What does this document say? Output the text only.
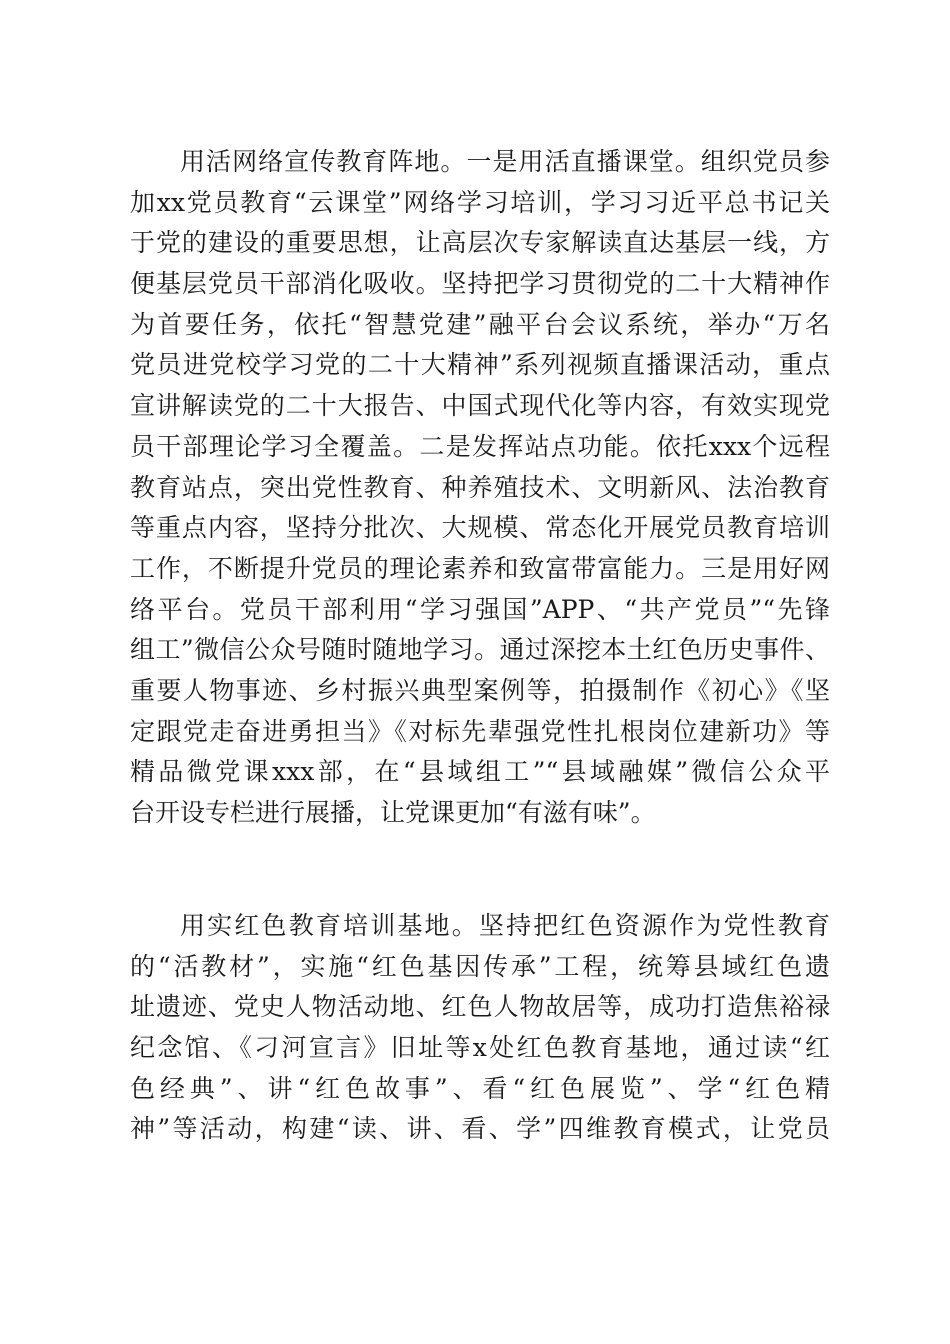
用活网络宣传教育阵地。一是用活直播课堂。组织党员参
加xx党员教育“云课堂”网络学习培训，学习习近平总书记关
于党的建设的重要思想，让高层次专家解读直达基层一线，方
便基层党员干部消化吸收。坚持把学习贯彻党的二十大精神作
为首要任务，依托“智慧党建”融平台会议系统，举办“万名
党员进党校学习党的二十大精神”系列视频直播课活动，重点
宣讲解读党的二十大报告、中国式现代化等内容，有效实现党
员干部理论学习全覆盖。二是发挥站点功能。依托xxx个远程
教育站点，突出党性教育、种养殖技术、文明新风、法治教育
等重点内容，坚持分批次、大规模、常态化开展党员教育培训
工作，不断提升党员的理论素养和致富带富能力。三是用好网
络平台。党员干部利用“学习强国”APP、“共产党员”“先锋
组工”微信公众号随时随地学习。通过深挖本土红色历史事件、
重要人物事迹、乡村振兴典型案例等，拍摄制作《初心》《坚
定跟党走奋进勇担当》《对标先辈强党性扎根岗位建新功》等
精品微党课xxx部，在“县域组工”“县域融媒”微信公众平
台开设专栏进行展播，让党课更加“有滋有味”。
用实红色教育培训基地。坚持把红色资源作为党性教育
的“活教材”，实施“红色基因传承”工程，统筹县域红色遗
址遗迹、党史人物活动地、红色人物故居等，成功打造焦裕禄
纪念馆、《刁河宣言》旧址等x处红色教育基地，通过读“红
色经典”、讲“红色故事”、看“红色展览”、学“红色精
神”等活动，构建“读、讲、看、学”四维教育模式，让党员
